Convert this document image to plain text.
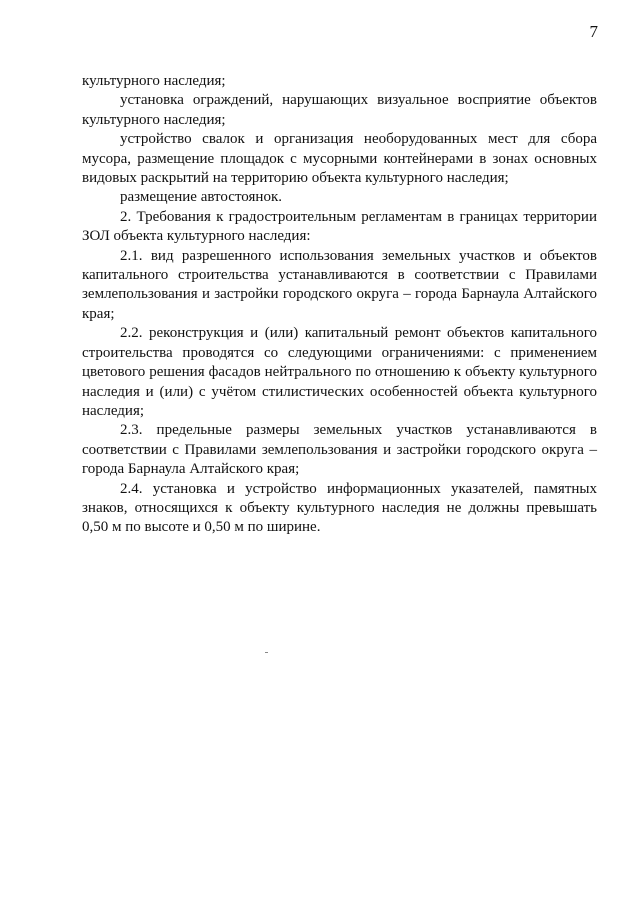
7

культурного наследия;

установка ограждений, нарушающих визуальное восприятие объектов культурного наследия;

устройство свалок и организация необорудованных мест для сбора мусора, размещение площадок с мусорными контейнерами в зонах основных видовых раскрытий на территорию объекта культурного наследия;

размещение автостоянок.

2. Требования к градостроительным регламентам в границах территории ЗОЛ объекта культурного наследия:

2.1. вид разрешенного использования земельных участков и объектов капитального строительства устанавливаются в соответствии с Правилами землепользования и застройки городского округа – города Барнаула Алтайского края;

2.2. реконструкция и (или) капитальный ремонт объектов капитального строительства проводятся со следующими ограничениями: с применением цветового решения фасадов нейтрального по отношению к объекту культурного наследия и (или) с учётом стилистических особенностей объекта культурного наследия;

2.3. предельные размеры земельных участков устанавливаются в соответствии с Правилами землепользования и застройки городского округа – города Барнаула Алтайского края;

2.4. установка и устройство информационных указателей, памятных знаков, относящихся к объекту культурного наследия не должны превышать 0,50 м по высоте и 0,50 м по ширине.
